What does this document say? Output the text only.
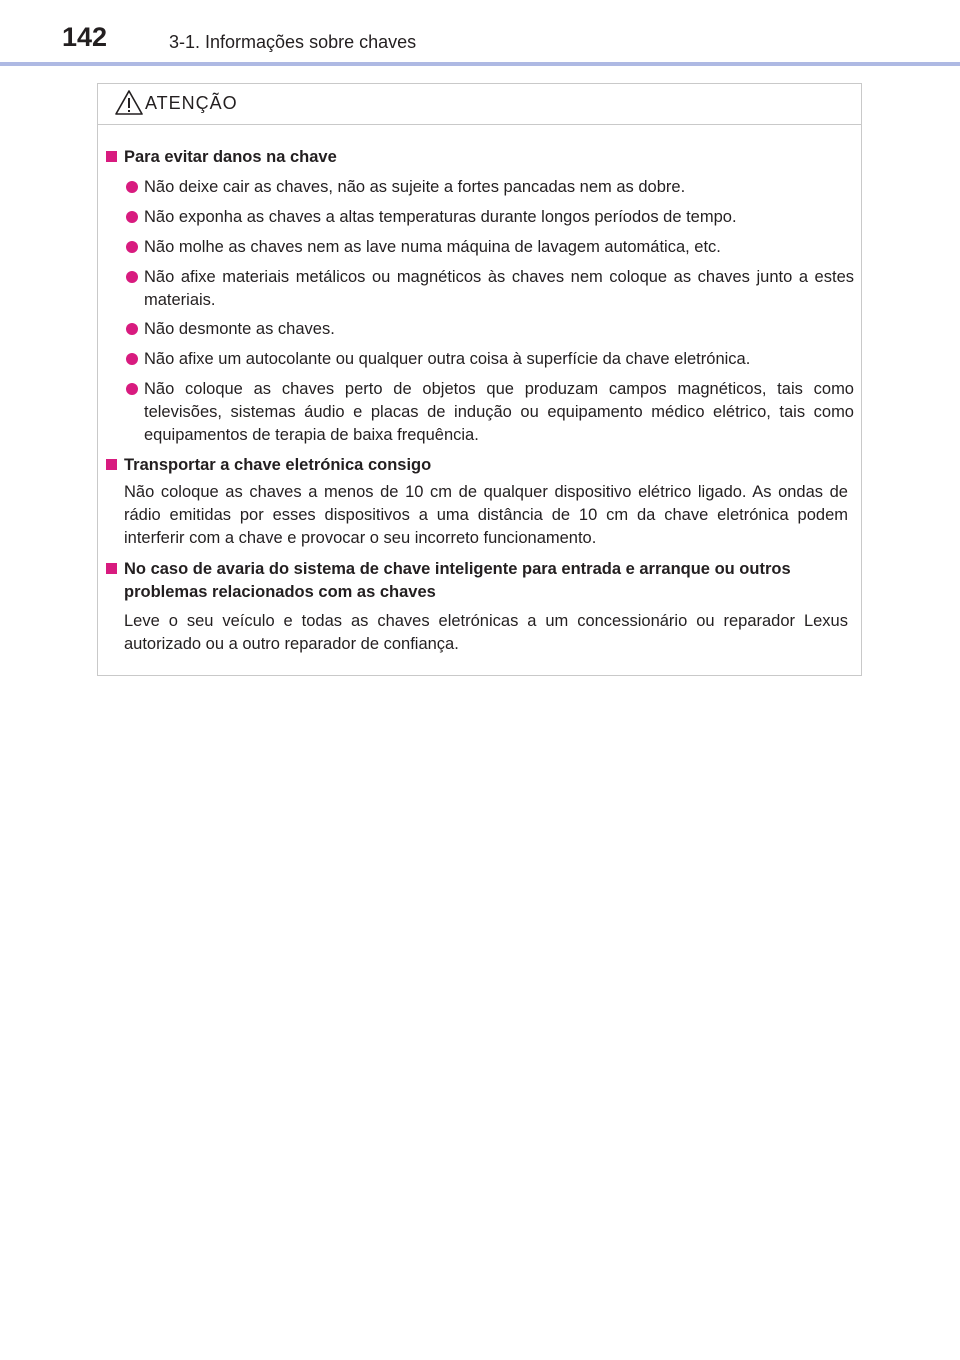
142	3-1. Informações sobre chaves
ATENÇÃO
Para evitar danos na chave
Não deixe cair as chaves, não as sujeite a fortes pancadas nem as dobre.
Não exponha as chaves a altas temperaturas durante longos períodos de tempo.
Não molhe as chaves nem as lave numa máquina de lavagem automática, etc.
Não afixe materiais metálicos ou magnéticos às chaves nem coloque as chaves junto a estes materiais.
Não desmonte as chaves.
Não afixe um autocolante ou qualquer outra coisa à superfície da chave eletrónica.
Não coloque as chaves perto de objetos que produzam campos magnéticos, tais como televisões, sistemas áudio e placas de indução ou equipamento médico elétrico, tais como equipamentos de terapia de baixa frequência.
Transportar a chave eletrónica consigo
Não coloque as chaves a menos de 10 cm de qualquer dispositivo elétrico ligado. As ondas de rádio emitidas por esses dispositivos a uma distância de 10 cm da chave eletrónica podem interferir com a chave e provocar o seu incorreto funcionamento.
No caso de avaria do sistema de chave inteligente para entrada e arranque ou outros problemas relacionados com as chaves
Leve o seu veículo e todas as chaves eletrónicas a um concessionário ou reparador Lexus autorizado ou a outro reparador de confiança.
